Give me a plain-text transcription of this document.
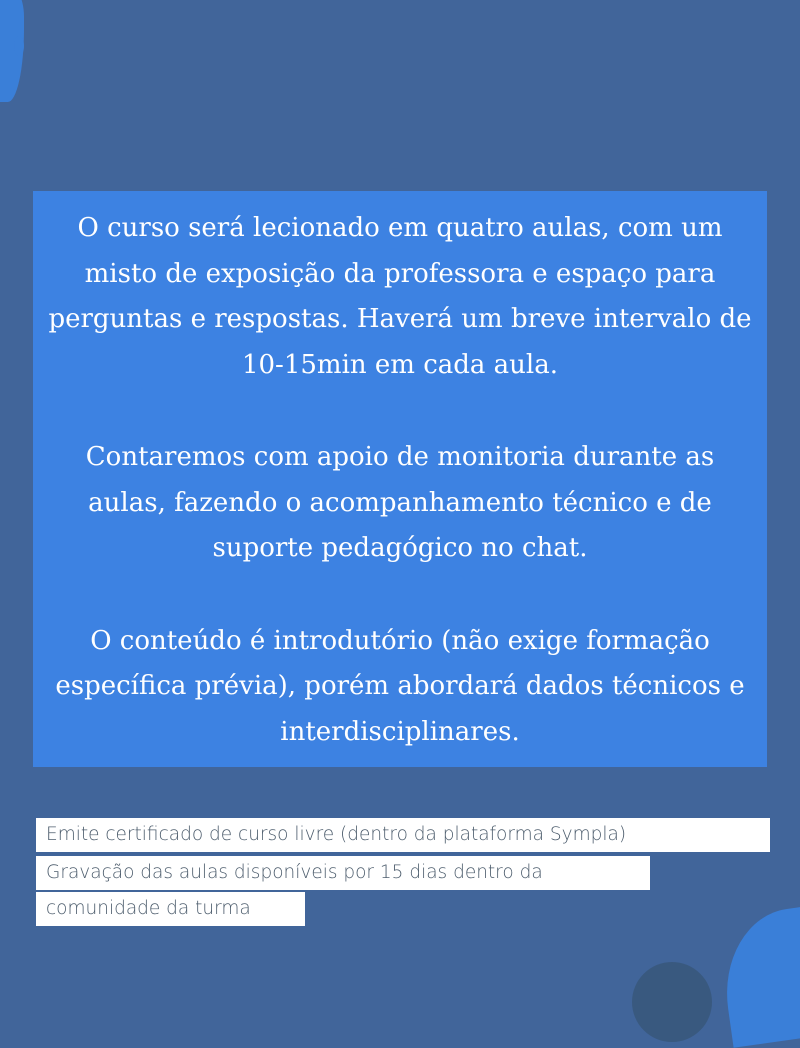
O curso será lecionado em quatro aulas, com um misto de exposição da professora e espaço para perguntas e respostas. Haverá um breve intervalo de 10-15min em cada aula.

Contaremos com apoio de monitoria durante as aulas, fazendo o acompanhamento técnico e de suporte pedagógico no chat.

O conteúdo é introdutório (não exige formação específica prévia), porém abordará dados técnicos e interdisciplinares.

Emite certificado de curso livre (dentro da plataforma Sympla)
Gravação das aulas disponíveis por 15 dias dentro da
comunidade da turma
